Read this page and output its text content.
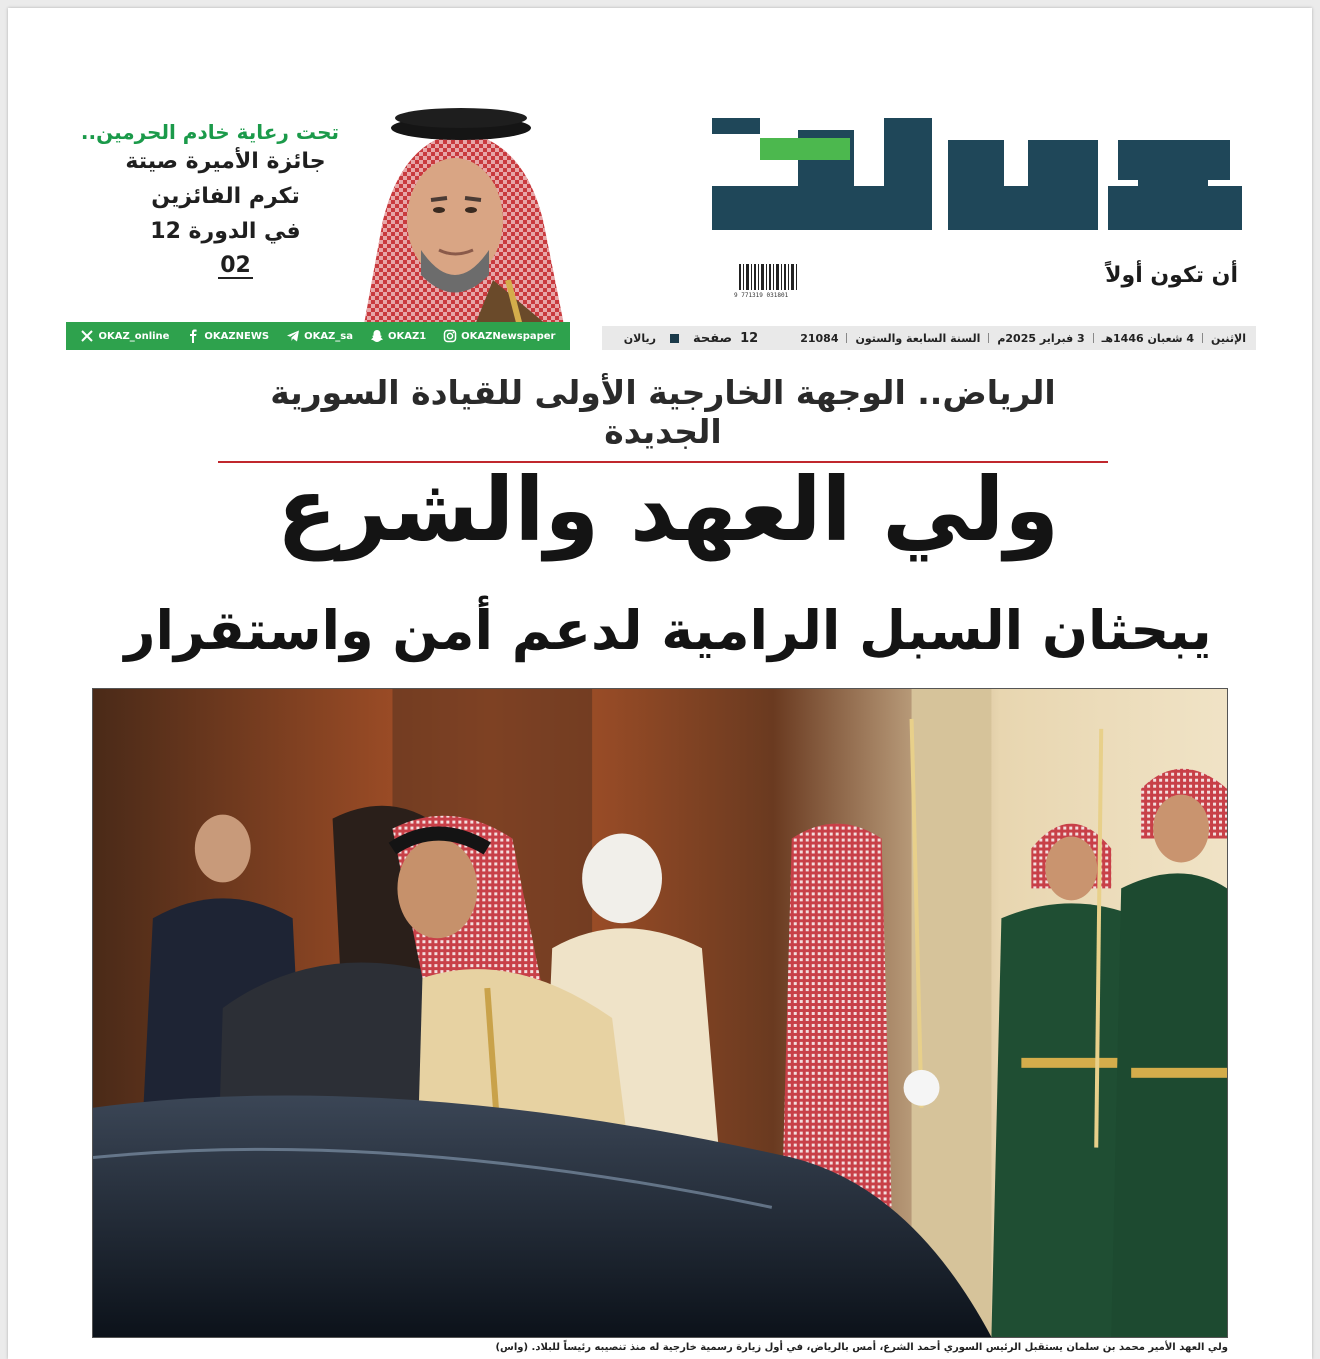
أن تكون أولاً
9 771319 031801
تحت رعاية خادم الحرمين..
جائزة الأميرة صيتة
تكرم الفائزين
في الدورة 12
02
الإثنين
4 شعبان 1446هـ
3 فبراير 2025م
السنة السابعة والستون
21084
12
صفحة
ريالان
OKAZ_online	OKAZNEWS	OKAZ_sa	OKAZ1	OKAZNewspaper
الرياض.. الوجهة الخارجية الأولى للقيادة السورية الجديدة
ولي العهد والشرع
يبحثان السبل الرامية لدعم أمن واستقرار
ولي العهد الأمير محمد بن سلمان يستقبل الرئيس السوري أحمد الشرع، أمس بالرياض، في أول زيارة رسمية خارجية له منذ تنصيبه رئيساً للبلاد. (واس)
